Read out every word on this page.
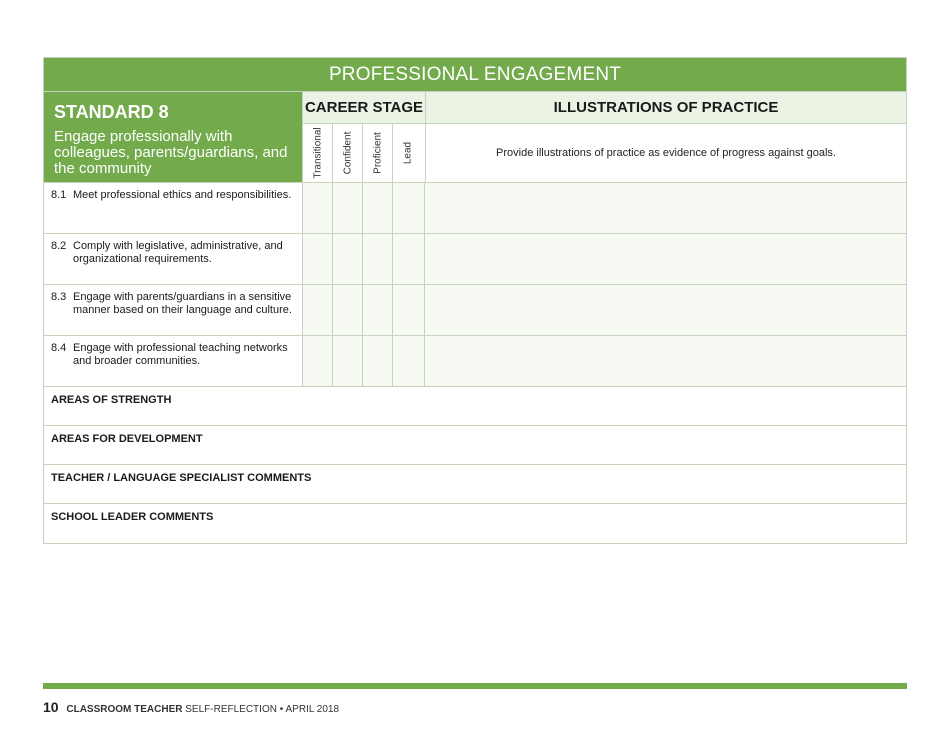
PROFESSIONAL ENGAGEMENT
STANDARD 8
Engage professionally with colleagues, parents/guardians, and the community
CAREER STAGE
Transitional Confident Proficient Lead
ILLUSTRATIONS OF PRACTICE
Provide illustrations of practice as evidence of progress against goals.
8.1 Meet professional ethics and responsibilities.
8.2 Comply with legislative, administrative, and organizational requirements.
8.3 Engage with parents/guardians in a sensitive manner based on their language and culture.
8.4 Engage with professional teaching networks and broader communities.
AREAS OF STRENGTH
AREAS FOR DEVELOPMENT
TEACHER / LANGUAGE SPECIALIST COMMENTS
SCHOOL LEADER COMMENTS
10 CLASSROOM TEACHER SELF-REFLECTION • APRIL 2018
